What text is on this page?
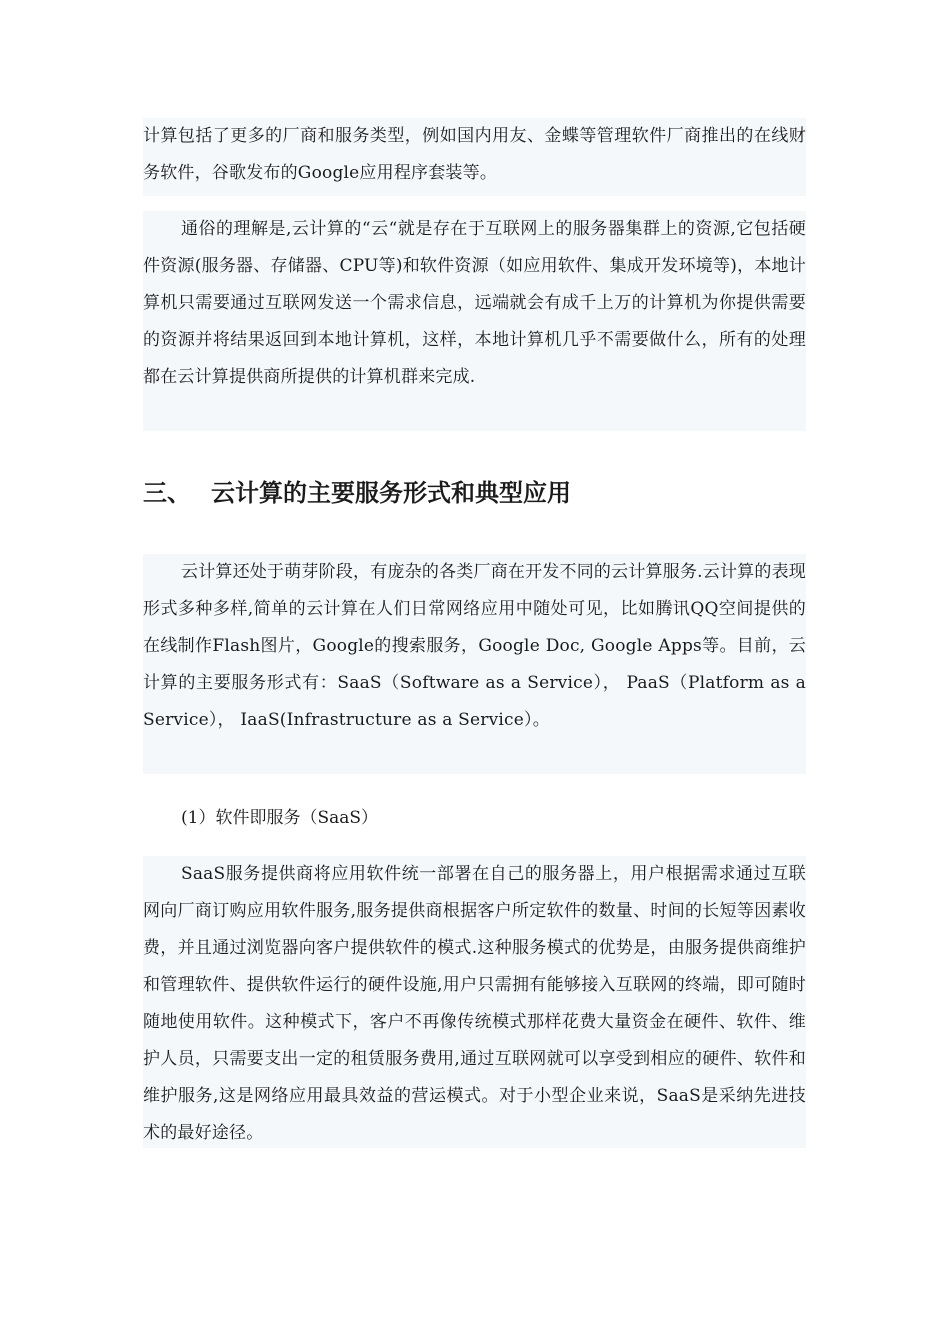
计算包括了更多的厂商和服务类型，例如国内用友、金蝶等管理软件厂商推出的在线财务软件，谷歌发布的Google应用程序套装等。

通俗的理解是,云计算的“云“就是存在于互联网上的服务器集群上的资源,它包括硬件资源(服务器、存储器、CPU等)和软件资源（如应用软件、集成开发环境等)，本地计算机只需要通过互联网发送一个需求信息，远端就会有成千上万的计算机为你提供需要的资源并将结果返回到本地计算机，这样，本地计算机几乎不需要做什么，所有的处理都在云计算提供商所提供的计算机群来完成.

三、 云计算的主要服务形式和典型应用

云计算还处于萌芽阶段，有庞杂的各类厂商在开发不同的云计算服务.云计算的表现形式多种多样,简单的云计算在人们日常网络应用中随处可见，比如腾讯QQ空间提供的在线制作Flash图片，Google的搜索服务，Google Doc, Google Apps等。目前，云计算的主要服务形式有：SaaS（Software as a Service）， PaaS（Platform as a Service）， IaaS(Infrastructure as a Service）。

(1）软件即服务（SaaS）

SaaS服务提供商将应用软件统一部署在自己的服务器上，用户根据需求通过互联网向厂商订购应用软件服务,服务提供商根据客户所定软件的数量、时间的长短等因素收费，并且通过浏览器向客户提供软件的模式.这种服务模式的优势是，由服务提供商维护和管理软件、提供软件运行的硬件设施,用户只需拥有能够接入互联网的终端，即可随时随地使用软件。这种模式下，客户不再像传统模式那样花费大量资金在硬件、软件、维护人员，只需要支出一定的租赁服务费用,通过互联网就可以享受到相应的硬件、软件和维护服务,这是网络应用最具效益的营运模式。对于小型企业来说，SaaS是采纳先进技术的最好途径。
